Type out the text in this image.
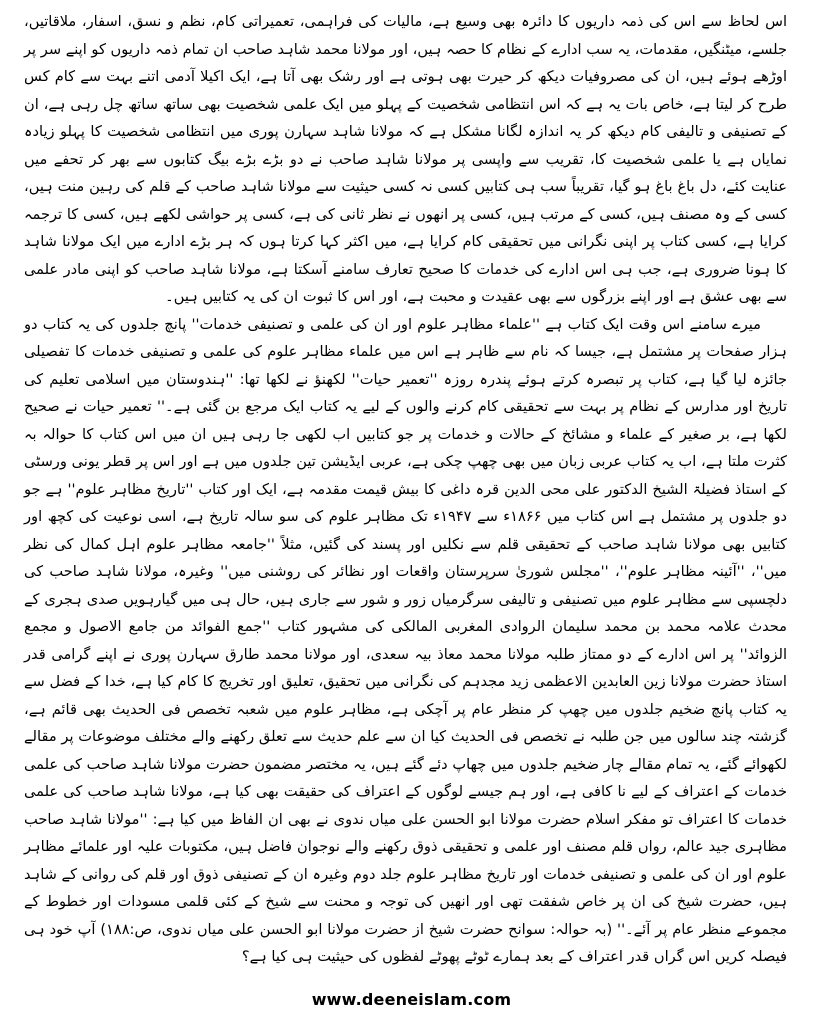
اس لحاظ سے اس کی ذمہ داریوں کا دائرہ بھی وسیع ہے، مالیات کی فراہمی، تعمیراتی کام، نظم و نسق، اسفار، ملاقاتیں، جلسے، میٹنگیں، مقدمات، یہ سب ادارے کے نظام کا حصہ ہیں، اور مولانا محمد شاہد صاحب ان تمام ذمہ داریوں کو اپنے سر پر اوڑھے ہوئے ہیں، ان کی مصروفیات دیکھ کر حیرت بھی ہوتی ہے اور رشک بھی آتا ہے، ایک اکیلا آدمی اتنے بہت سے کام کس طرح کر لیتا ہے، خاص بات یہ ہے کہ اس انتظامی شخصیت کے پہلو میں ایک علمی شخصیت بھی ساتھ ساتھ چل رہی ہے، ان کے تصنیفی و تالیفی کام دیکھ کر یہ اندازہ لگانا مشکل ہے کہ مولانا شاہد سہارن پوری میں انتظامی شخصیت کا پہلو زیادہ نمایاں ہے یا علمی شخصیت کا، تقریب سے واپسی پر مولانا شاہد صاحب نے دو بڑے بڑے بیگ کتابوں سے بھر کر تحفے میں عنایت کئے، دل باغ باغ ہو گیا، تقریباً سب ہی کتابیں کسی نہ کسی حیثیت سے مولانا شاہد صاحب کے قلم کی رہین منت ہیں، کسی کے وہ مصنف ہیں، کسی کے مرتب ہیں، کسی پر انھوں نے نظر ثانی کی ہے، کسی پر حواشی لکھے ہیں، کسی کا ترجمہ کرایا ہے، کسی کتاب پر اپنی نگرانی میں تحقیقی کام کرایا ہے، میں اکثر کہا کرتا ہوں کہ ہر بڑے ادارے میں ایک مولانا شاہد کا ہونا ضروری ہے، جب ہی اس ادارے کی خدمات کا صحیح تعارف سامنے آسکتا ہے، مولانا شاہد صاحب کو اپنی مادر علمی سے بھی عشق ہے اور اپنے بزرگوں سے بھی عقیدت و محبت ہے، اور اس کا ثبوت ان کی یہ کتابیں ہیں۔

میرے سامنے اس وقت ایک کتاب ہے ''علماء مظاہر علوم اور ان کی علمی و تصنیفی خدمات'' پانچ جلدوں کی یہ کتاب دو ہزار صفحات پر مشتمل ہے، جیسا کہ نام سے ظاہر ہے اس میں علماء مظاہر علوم کی علمی و تصنیفی خدمات کا تفصیلی جائزہ لیا گیا ہے، کتاب پر تبصرہ کرتے ہوئے پندرہ روزہ ''تعمیر حیات'' لکھنؤ نے لکھا تھا: ''ہندوستان میں اسلامی تعلیم کی تاریخ اور مدارس کے نظام پر بہت سے تحقیقی کام کرنے والوں کے لیے یہ کتاب ایک مرجع بن گئی ہے۔'' تعمیر حیات نے صحیح لکھا ہے، بر صغیر کے علماء و مشائخ کے حالات و خدمات پر جو کتابیں اب لکھی جا رہی ہیں ان میں اس کتاب کا حوالہ بہ کثرت ملتا ہے، اب یہ کتاب عربی زبان میں بھی چھپ چکی ہے، عربی ایڈیشن تین جلدوں میں ہے اور اس پر قطر یونی ورسٹی کے استاذ فضیلۃ الشیخ الدکتور علی محی الدین قرہ داغی کا بیش قیمت مقدمہ ہے، ایک اور کتاب ''تاریخ مظاہر علوم'' ہے جو دو جلدوں پر مشتمل ہے اس کتاب میں ۱۸۶۶ء سے ۱۹۴۷ء تک مظاہر علوم کی سو سالہ تاریخ ہے، اسی نوعیت کی کچھ اور کتابیں بھی مولانا شاہد صاحب کے تحقیقی قلم سے نکلیں اور پسند کی گئیں، مثلاً ''جامعہ مظاہر علوم اہل کمال کی نظر میں''، ''آئینہ مظاہر علوم''، ''مجلس شوریٰ سرپرستان واقعات اور نظائر کی روشنی میں'' وغیرہ، مولانا شاہد صاحب کی دلچسپی سے مظاہر علوم میں تصنیفی و تالیفی سرگرمیاں زور و شور سے جاری ہیں، حال ہی میں گیارہویں صدی ہجری کے محدث علامہ محمد بن محمد سلیمان الروادی المغربی المالکی کی مشہور کتاب ''جمع الفوائد من جامع الاصول و مجمع الزوائد'' پر اس ادارے کے دو ممتاز طلبہ مولانا محمد معاذ بیہ سعدی، اور مولانا محمد طارق سہارن پوری نے اپنے گرامی قدر استاذ حضرت مولانا زین العابدین الاعظمی زید مجدہم کی نگرانی میں تحقیق، تعلیق اور تخریج کا کام کیا ہے، خدا کے فضل سے یہ کتاب پانچ ضخیم جلدوں میں چھپ کر منظر عام پر آچکی ہے، مظاہر علوم میں شعبہ تخصص فی الحدیث بھی قائم ہے، گزشتہ چند سالوں میں جن طلبہ نے تخصص فی الحدیث کیا ان سے علم حدیث سے تعلق رکھنے والے مختلف موضوعات پر مقالے لکھوائے گئے، یہ تمام مقالے چار ضخیم جلدوں میں چھاپ دئے گئے ہیں، یہ مختصر مضمون حضرت مولانا شاہد صاحب کی علمی خدمات کے اعتراف کے لیے نا کافی ہے، اور ہم جیسے لوگوں کے اعتراف کی حقیقت بھی کیا ہے، مولانا شاہد صاحب کی علمی خدمات کا اعتراف تو مفکر اسلام حضرت مولانا ابو الحسن علی میاں ندوی نے بھی ان الفاظ میں کیا ہے: ''مولانا شاہد صاحب مظاہری جید عالم، رواں قلم مصنف اور علمی و تحقیقی ذوق رکھنے والے نوجوان فاضل ہیں، مکتوبات علیہ اور علمائے مظاہر علوم اور ان کی علمی و تصنیفی خدمات اور تاریخ مظاہر علوم جلد دوم وغیرہ ان کے تصنیفی ذوق اور قلم کی روانی کے شاہد ہیں، حضرت شیخ کی ان پر خاص شفقت تھی اور انھیں کی توجہ و محنت سے شیخ کے کئی قلمی مسودات اور خطوط کے مجموعے منظر عام پر آئے۔'' (بہ حوالہ: سوانح حضرت شیخ از حضرت مولانا ابو الحسن علی میاں ندوی، ص:۱۸۸) آپ خود ہی فیصلہ کریں اس گراں قدر اعتراف کے بعد ہمارے ٹوٹے پھوٹے لفظوں کی حیثیت ہی کیا ہے؟

www.deeneislam.com
